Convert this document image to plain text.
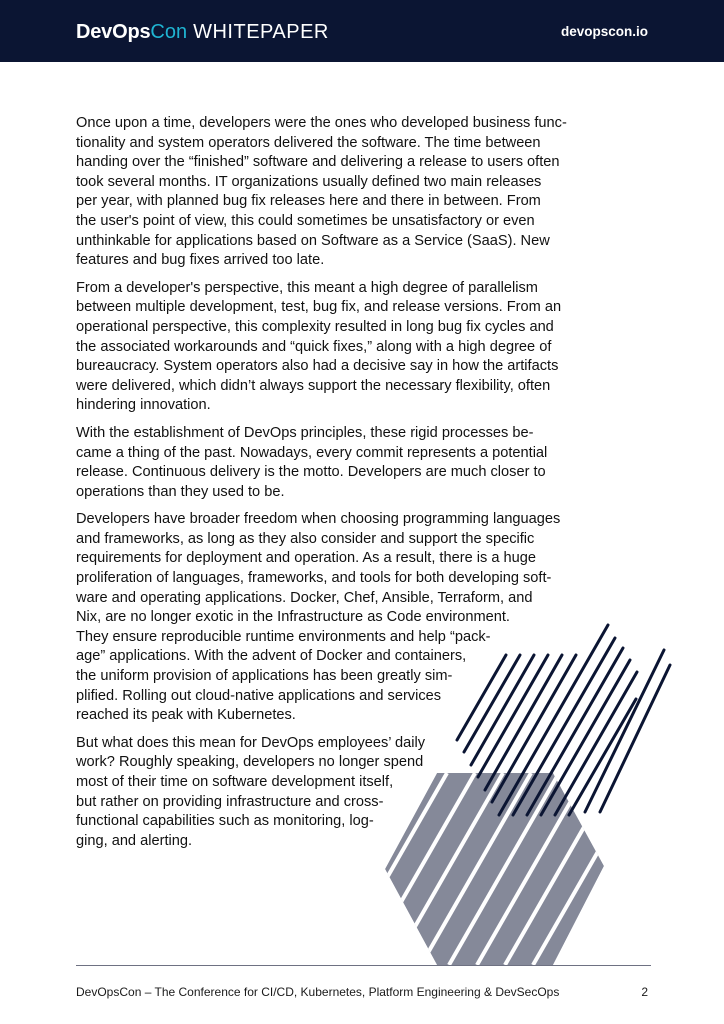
DevOpsCon WHITEPAPER	devopscon.io

Once upon a time, developers were the ones who developed business func-
tionality and system operators delivered the software. The time between
handing over the “finished” software and delivering a release to users often
took several months. IT organizations usually defined two main releases
per year, with planned bug fix releases here and there in between. From
the user's point of view, this could sometimes be unsatisfactory or even
unthinkable for applications based on Software as a Service (SaaS). New
features and bug fixes arrived too late.

From a developer's perspective, this meant a high degree of parallelism
between multiple development, test, bug fix, and release versions. From an
operational perspective, this complexity resulted in long bug fix cycles and
the associated workarounds and “quick fixes,” along with a high degree of
bureaucracy. System operators also had a decisive say in how the artifacts
were delivered, which didn’t always support the necessary flexibility, often
hindering innovation.

With the establishment of DevOps principles, these rigid processes be-
came a thing of the past. Nowadays, every commit represents a potential
release. Continuous delivery is the motto. Developers are much closer to
operations than they used to be.

Developers have broader freedom when choosing programming languages
and frameworks, as long as they also consider and support the specific
requirements for deployment and operation. As a result, there is a huge
proliferation of languages, frameworks, and tools for both developing soft-
ware and operating applications. Docker, Chef, Ansible, Terraform, and
Nix, are no longer exotic in the Infrastructure as Code environment.
They ensure reproducible runtime environments and help “pack-
age” applications. With the advent of Docker and containers,
the uniform provision of applications has been greatly sim-
plified. Rolling out cloud-native applications and services
reached its peak with Kubernetes.

But what does this mean for DevOps employees’ daily
work? Roughly speaking, developers no longer spend
most of their time on software development itself,
but rather on providing infrastructure and cross-
functional capabilities such as monitoring, log-
ging, and alerting.

DevOpsCon – The Conference for CI/CD, Kubernetes, Platform Engineering & DevSecOps	2
